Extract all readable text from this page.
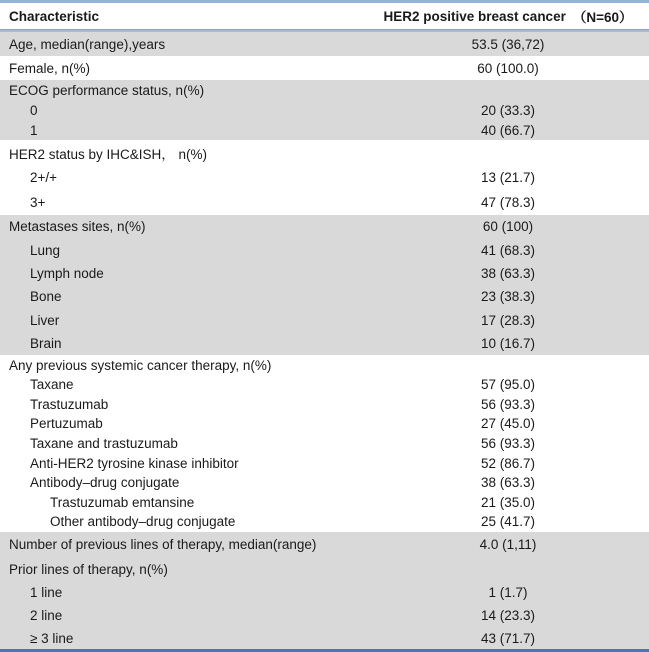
Characteristic	HER2 positive breast cancer （N=60）
Age, median(range),years	53.5 (36,72)
Female, n(%)	60 (100.0)
ECOG performance status, n(%)
0	20 (33.3)
1	40 (66.7)
HER2 status by IHC&ISH， n(%)
2+/+	13 (21.7)
3+	47 (78.3)
Metastases sites, n(%)	60 (100)
Lung	41 (68.3)
Lymph node	38 (63.3)
Bone	23 (38.3)
Liver	17 (28.3)
Brain	10 (16.7)
Any previous systemic cancer therapy, n(%)
Taxane	57 (95.0)
Trastuzumab	56 (93.3)
Pertuzumab	27 (45.0)
Taxane and trastuzumab	56 (93.3)
Anti-HER2 tyrosine kinase inhibitor	52 (86.7)
Antibody–drug conjugate	38 (63.3)
Trastuzumab emtansine	21 (35.0)
Other antibody–drug conjugate	25 (41.7)
Number of previous lines of therapy, median(range)	4.0 (1,11)
Prior lines of therapy, n(%)
1 line	1 (1.7)
2 line	14 (23.3)
≥ 3 line	43 (71.7)
